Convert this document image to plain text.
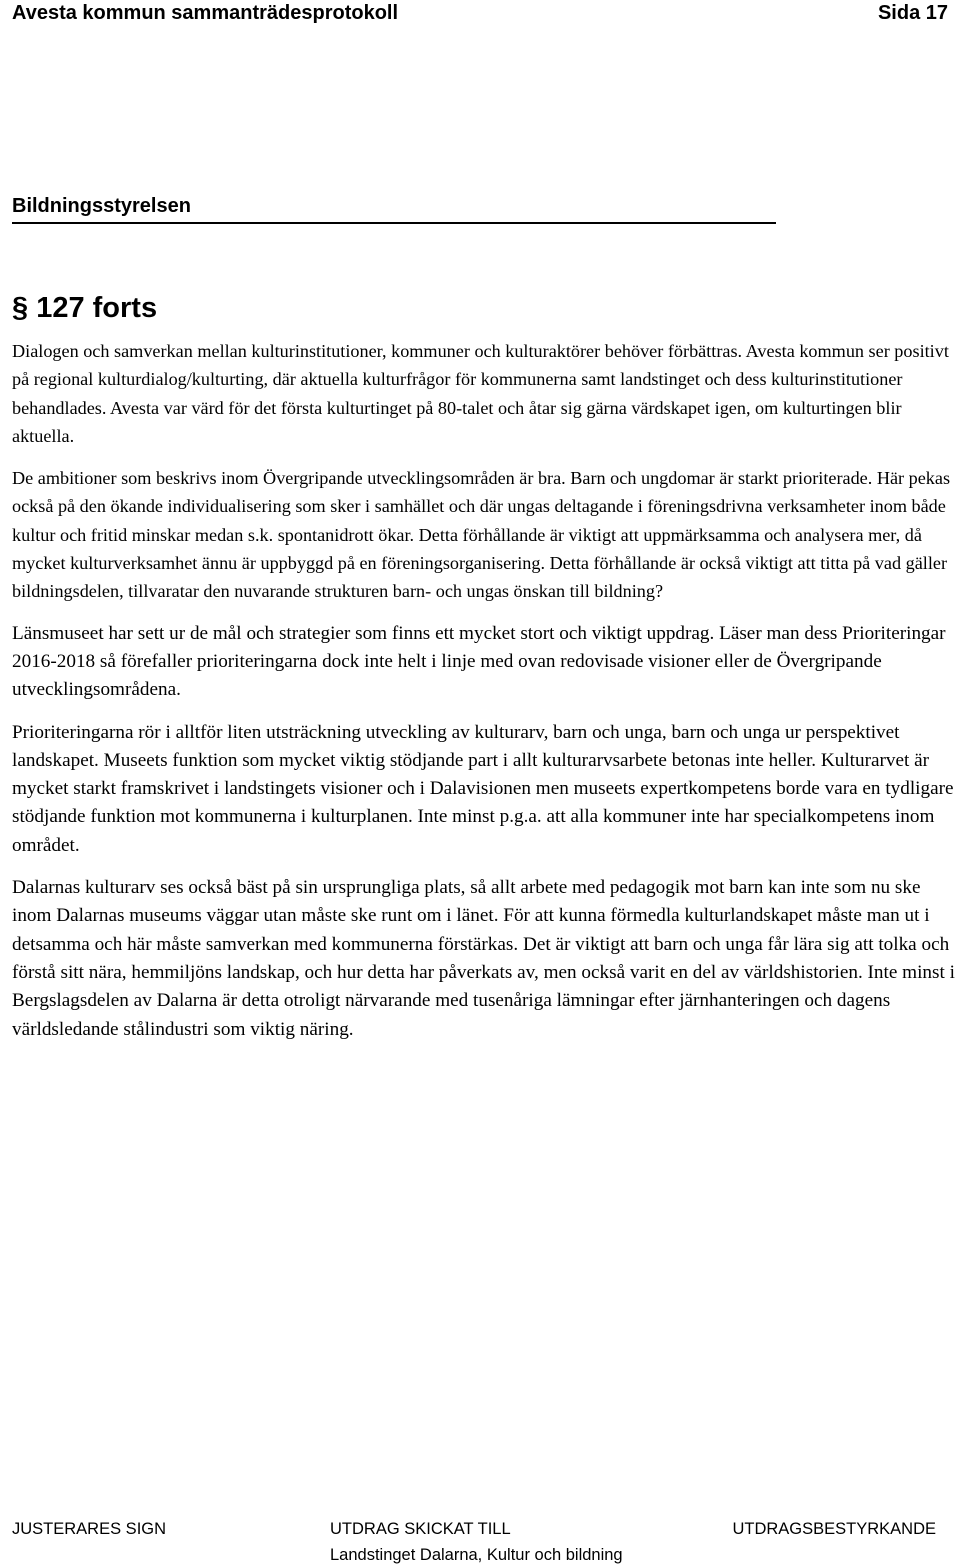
Avesta kommun sammanträdesprotokoll	Sida 17
Bildningsstyrelsen
§ 127 forts

Dialogen och samverkan mellan kulturinstitutioner, kommuner och kulturaktörer behöver förbättras. Avesta kommun ser positivt på regional kulturdialog/kulturting, där aktuella kulturfrågor för kommunerna samt landstinget och dess kulturinstitutioner behandlades. Avesta var värd för det första kulturtinget på 80-talet och åtar sig gärna värdskapet igen, om kulturtingen blir aktuella.

De ambitioner som beskrivs inom Övergripande utvecklingsområden är bra. Barn och ungdomar är starkt prioriterade. Här pekas också på den ökande individualisering som sker i samhället och där ungas deltagande i föreningsdrivna verksamheter inom både kultur och fritid minskar medan s.k. spontanidrott ökar. Detta förhållande är viktigt att uppmärksamma och analysera mer, då mycket kulturverksamhet ännu är uppbyggd på en föreningsorganisering. Detta förhållande är också viktigt att titta på vad gäller bildningsdelen, tillvaratar den nuvarande strukturen barn- och ungas önskan till bildning?

Länsmuseet har sett ur de mål och strategier som finns ett mycket stort och viktigt uppdrag. Läser man dess Prioriteringar 2016-2018 så förefaller prioriteringarna dock inte helt i linje med ovan redovisade visioner eller de Övergripande utvecklingsområdena.

Prioriteringarna rör i alltför liten utsträckning utveckling av kulturarv, barn och unga, barn och unga ur perspektivet landskapet. Museets funktion som mycket viktig stödjande part i allt kulturarvsarbete betonas inte heller. Kulturarvet är mycket starkt framskrivet i landstingets visioner och i Dalavisionen men museets expertkompetens borde vara en tydligare stödjande funktion mot kommunerna i kulturplanen. Inte minst p.g.a. att alla kommuner inte har specialkompetens inom området.

Dalarnas kulturarv ses också bäst på sin ursprungliga plats, så allt arbete med pedagogik mot barn kan inte som nu ske inom Dalarnas museums väggar utan måste ske runt om i länet. För att kunna förmedla kulturlandskapet måste man ut i detsamma och här måste samverkan med kommunerna förstärkas. Det är viktigt att barn och unga får lära sig att tolka och förstå sitt nära, hemmiljöns landskap, och hur detta har påverkats av, men också varit en del av världshistorien. Inte minst i Bergslagsdelen av Dalarna är detta otroligt närvarande med tusenåriga lämningar efter järnhanteringen och dagens världsledande stålindustri som viktig näring.

JUSTERARES SIGN	UTDRAG SKICKAT TILL	UTDRAGSBESTYRKANDE
Landstinget Dalarna, Kultur och bildning
